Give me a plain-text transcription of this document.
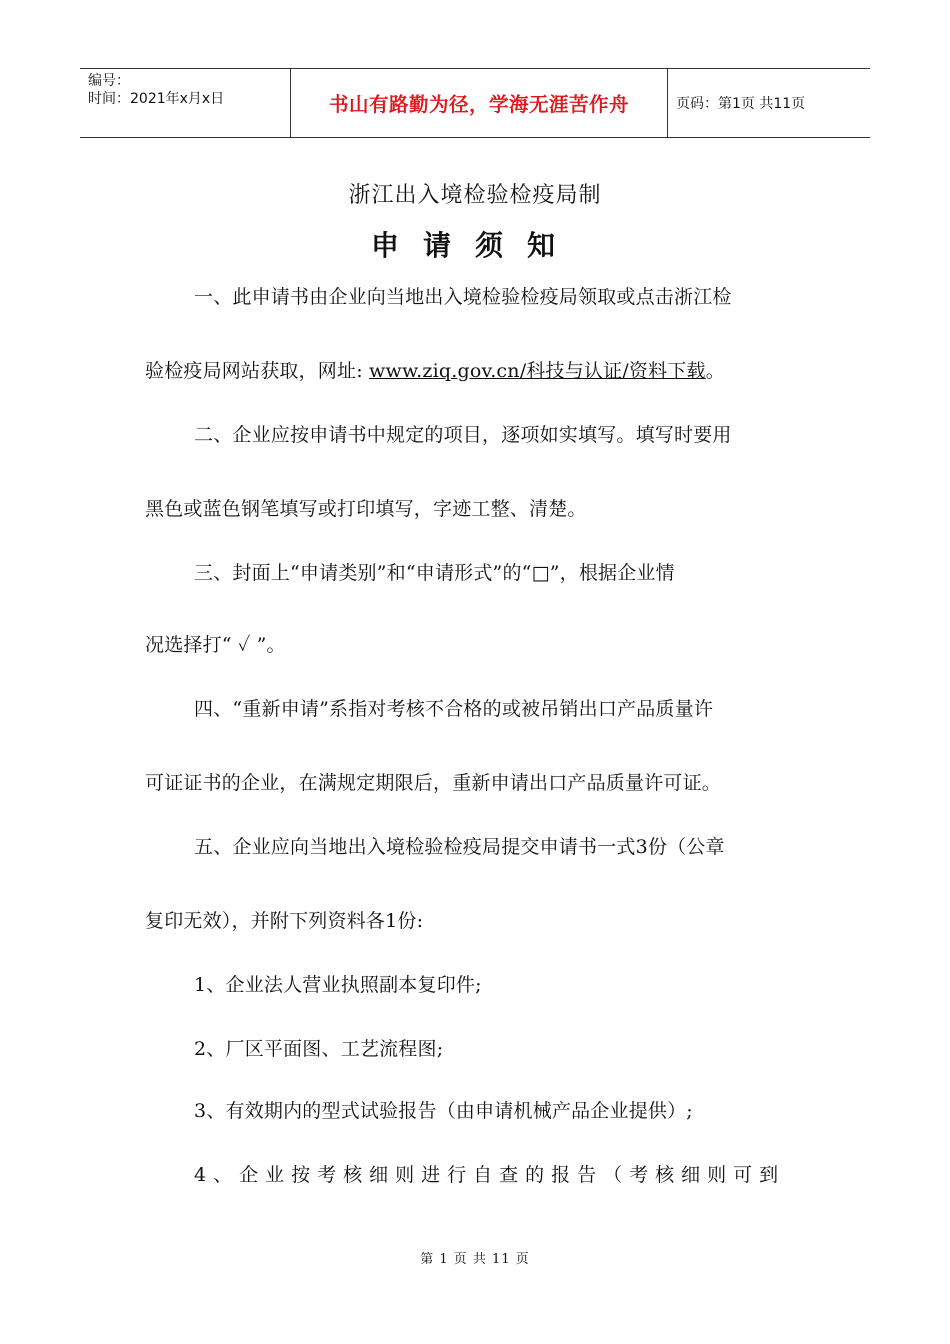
编号：
时间：2021年x月x日	书山有路勤为径，学海无涯苦作舟	页码：第1页 共11页
浙江出入境检验检疫局制
申请须知
一、此申请书由企业向当地出入境检验检疫局领取或点击浙江检
验检疫局网站获取，网址: www.ziq.gov.cn/科技与认证/资料下载。
二、企业应按申请书中规定的项目，逐项如实填写。填写时要用
黑色或蓝色钢笔填写或打印填写，字迹工整、清楚。
三、封面上“申请类别”和“申请形式”的“□”，根据企业情
况选择打“ ✓ ”。
四、“重新申请”系指对考核不合格的或被吊销出口产品质量许
可证证书的企业，在满规定期限后，重新申请出口产品质量许可证。
五、企业应向当地出入境检验检疫局提交申请书一式3份（公章
复印无效），并附下列资料各1份:
1、企业法人营业执照副本复印件;
2、厂区平面图、工艺流程图;
3、有效期内的型式试验报告（由申请机械产品企业提供）;
4、企业按考核细则进行自查的报告（考核细则可到
第 1 页 共 11 页
